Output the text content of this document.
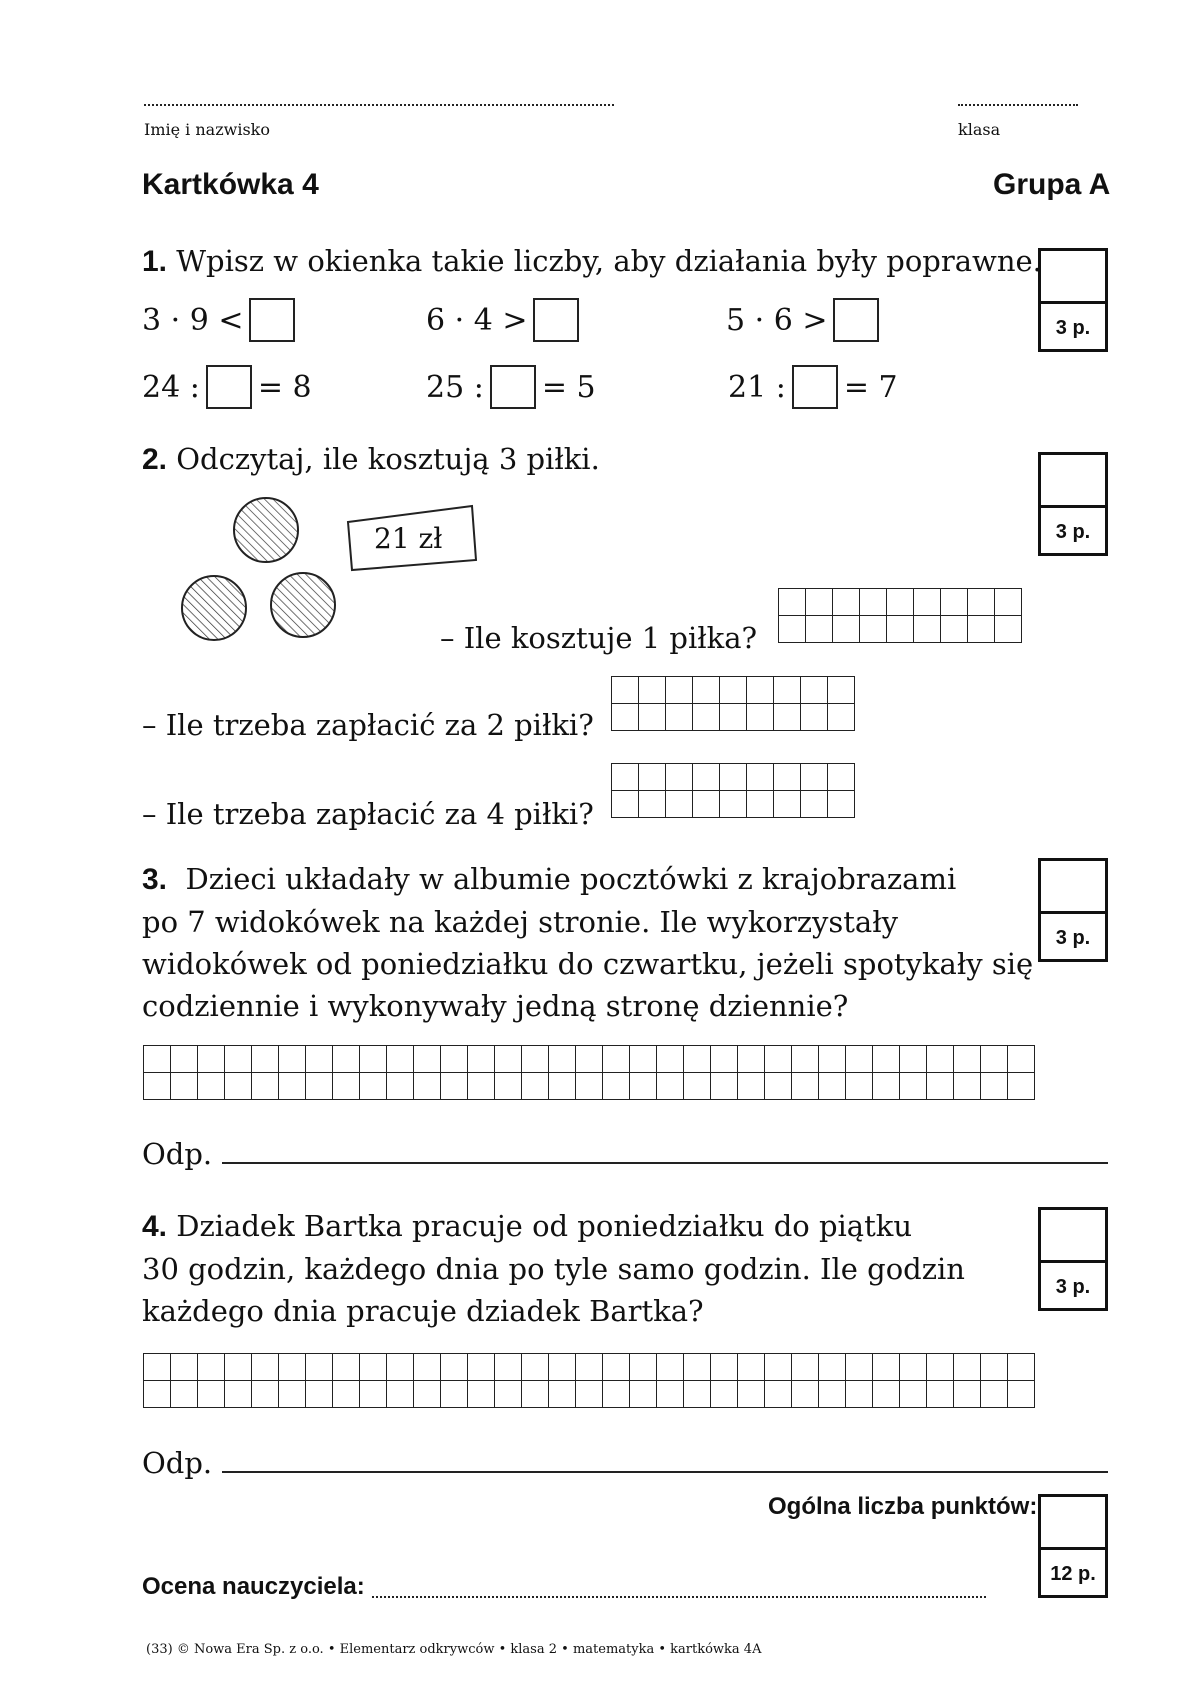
Imię i nazwisko	klasa
Kartkówka 4	Grupa A
1. Wpisz w okienka takie liczby, aby działania były poprawne.
3 p.
3 · 9 <	6 · 4 >	5 · 6 >
24 : = 8	25 : = 5	21 : = 7
2. Odczytaj, ile kosztują 3 piłki.
3 p.
21 zł
– Ile kosztuje 1 piłka?

– Ile trzeba zapłacić za 2 piłki?

– Ile trzeba zapłacić za 4 piłki?

3. Dzieci układały w albumie pocztówki z krajobrazami
po 7 widokówek na każdej stronie. Ile wykorzystały
widokówek od poniedziałku do czwartku, jeżeli spotykały się
codziennie i wykonywały jedną stronę dziennie?
3 p.

Odp.
4. Dziadek Bartka pracuje od poniedziałku do piątku
30 godzin, każdego dnia po tyle samo godzin. Ile godzin
każdego dnia pracuje dziadek Bartka?
3 p.

Odp.
Ogólna liczba punktów:
12 p.
Ocena nauczyciela:
(33) © Nowa Era Sp. z o.o. • Elementarz odkrywców • klasa 2 • matematyka • kartkówka 4A
